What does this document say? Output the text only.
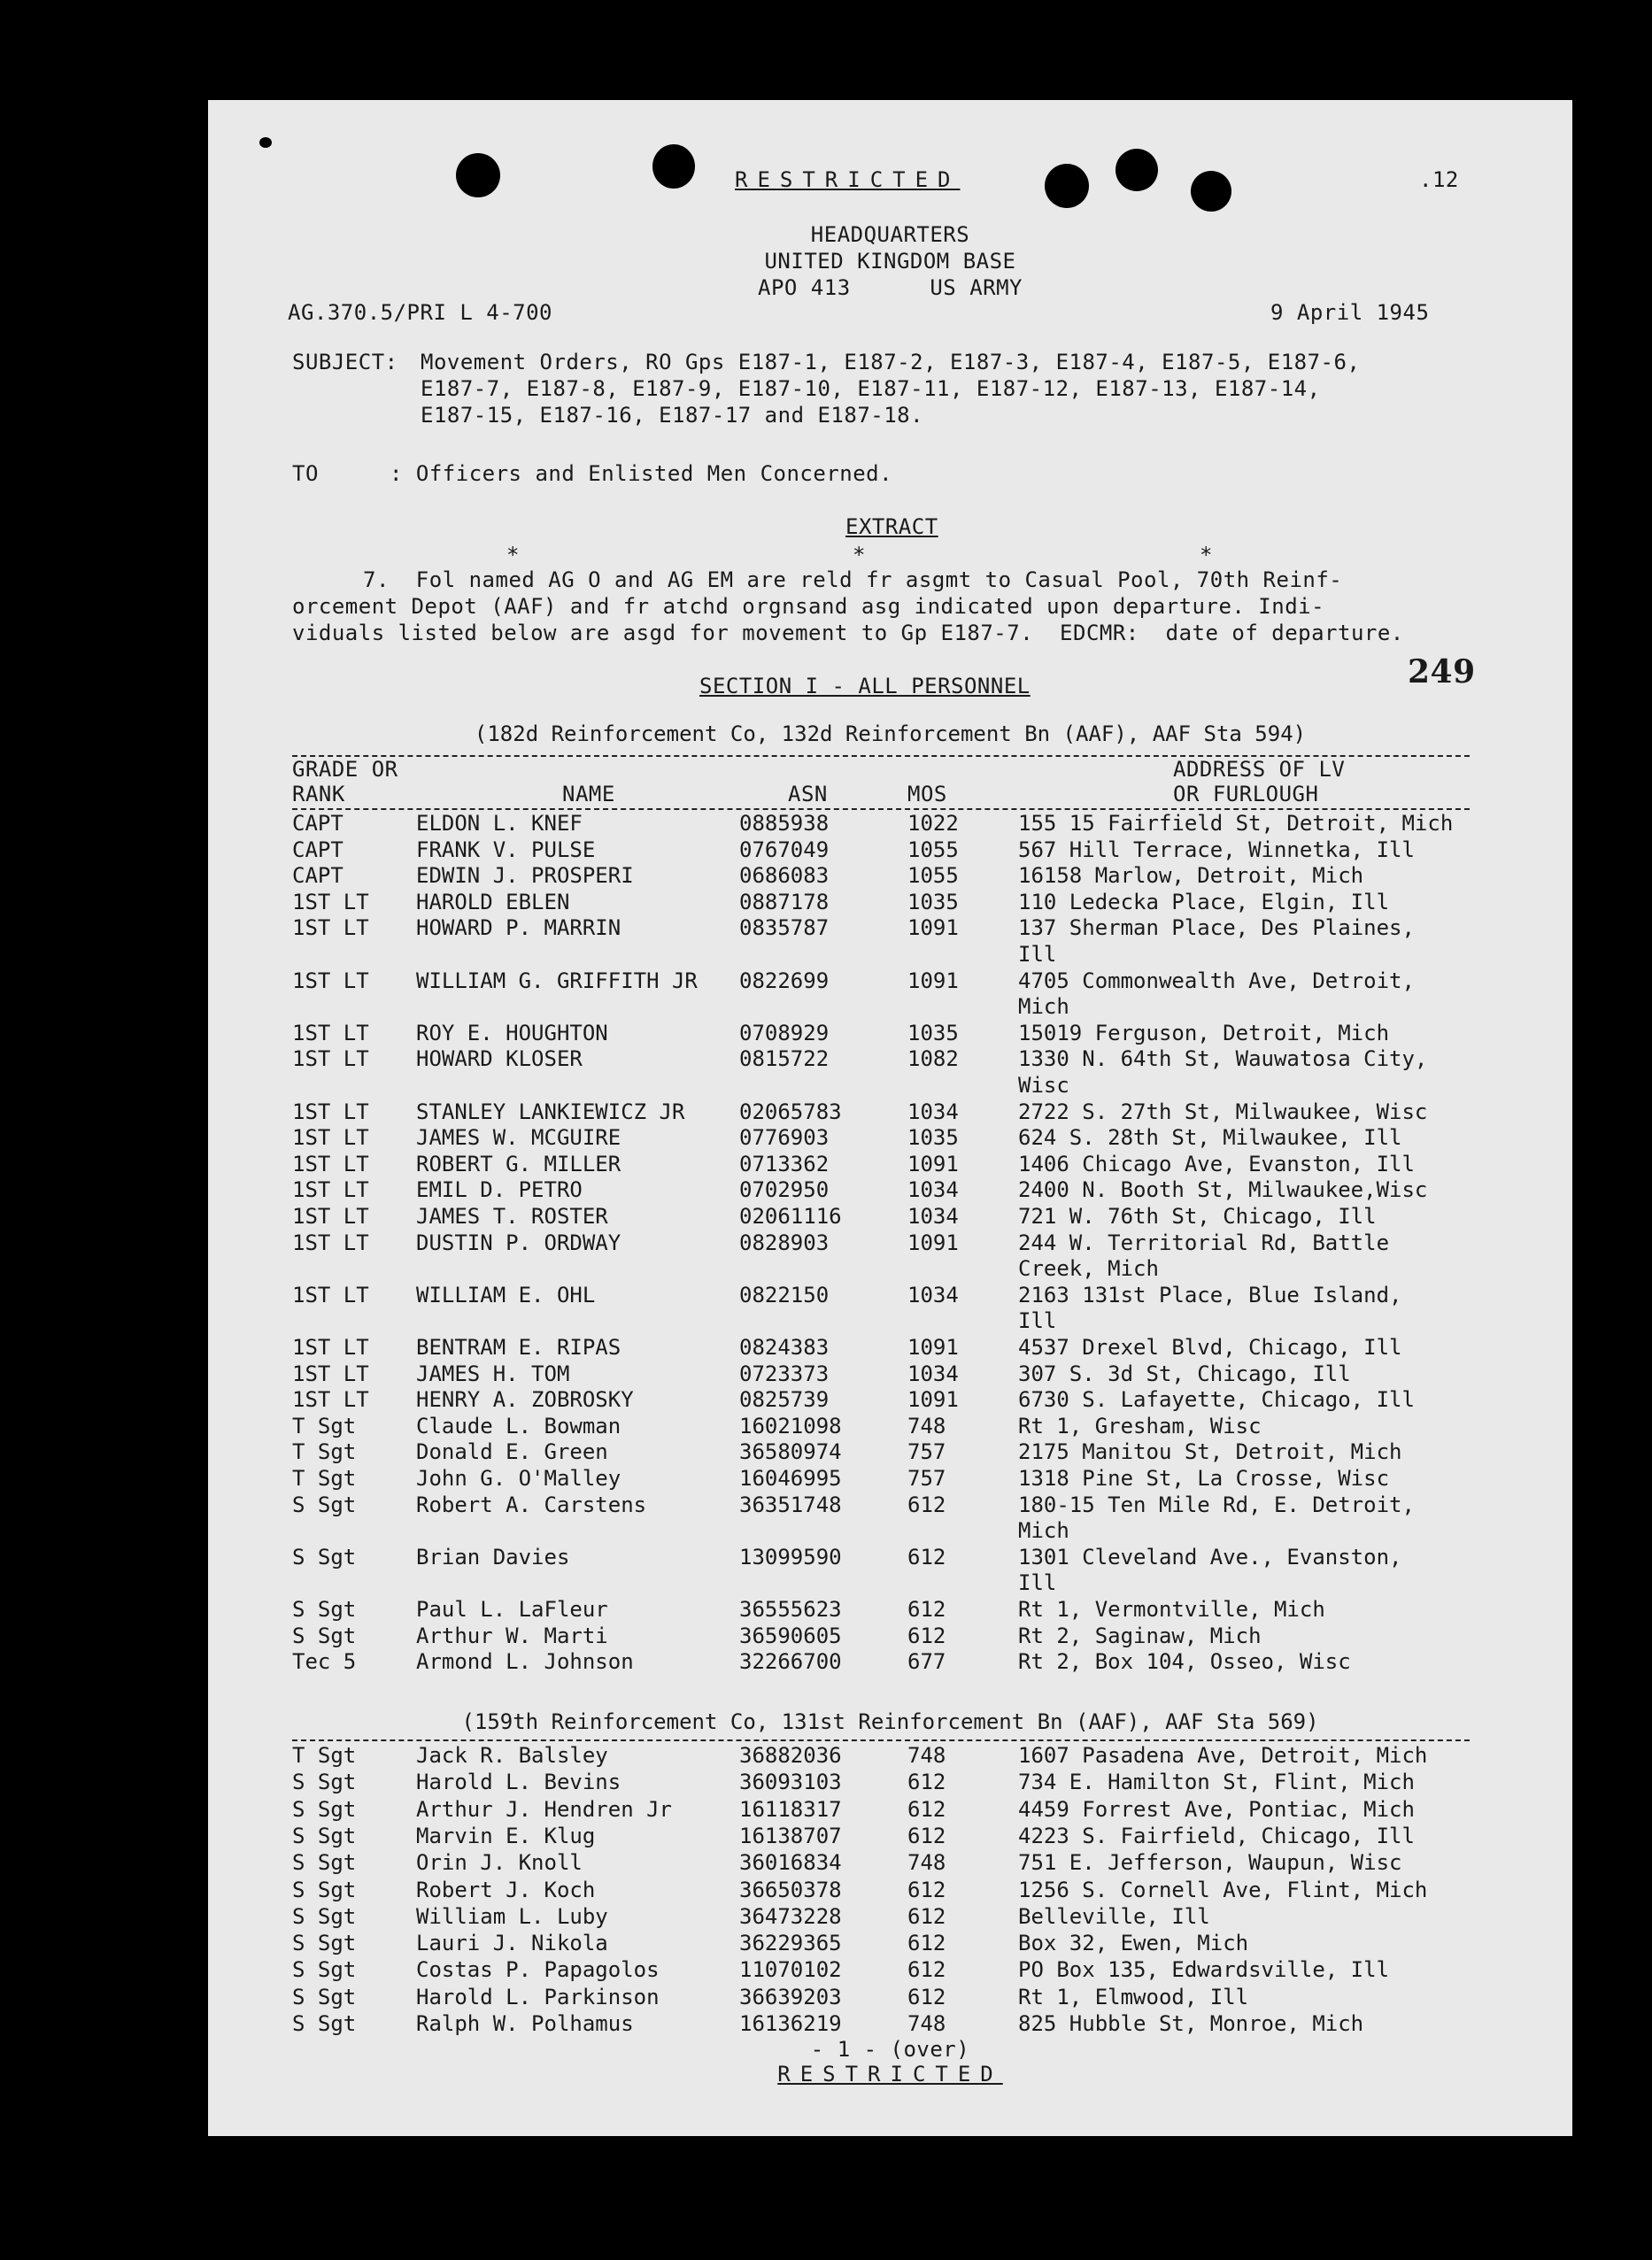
.12
RESTRICTED
HEADQUARTERS
UNITED KINGDOM BASE
APO 413      US ARMY
AG.370.5/PRI L 4-700	9 April 1945
SUBJECT: Movement Orders, RO Gps E187-1, E187-2, E187-3, E187-4, E187-5, E187-6,
E187-7, E187-8, E187-9, E187-10, E187-11, E187-12, E187-13, E187-14,
E187-15, E187-16, E187-17 and E187-18.
TO	: Officers and Enlisted Men Concerned.
EXTRACT
*	*	*
7.  Fol named AG O and AG EM are reld fr asgmt to Casual Pool, 70th Reinf-
orcement Depot (AAF) and fr atchd orgnsand asg indicated upon departure. Indi-
viduals listed below are asgd for movement to Gp E187-7.  EDCMR:  date of departure.
249
SECTION I - ALL PERSONNEL
(182d Reinforcement Co, 132d Reinforcement Bn (AAF), AAF Sta 594)
GRADE OR
RANK	NAME	ASN	MOS
ADDRESS OF LV
OR FURLOUGH
CAPT	ELDON L. KNEF	0885938	1022	155 15 Fairfield St, Detroit, Mich
CAPT	FRANK V. PULSE	0767049	1055	567 Hill Terrace, Winnetka, Ill
CAPT	EDWIN J. PROSPERI	0686083	1055	16158 Marlow, Detroit, Mich
1ST LT HAROLD EBLEN	0887178	1035	110 Ledecka Place, Elgin, Ill
1ST LT HOWARD P. MARRIN	0835787	1091	137 Sherman Place, Des Plaines,
Ill
1ST LT WILLIAM G. GRIFFITH JR 0822699	1091	4705 Commonwealth Ave, Detroit,
Mich
1ST LT ROY E. HOUGHTON	0708929	1035	15019 Ferguson, Detroit, Mich
1ST LT HOWARD KLOSER	0815722	1082	1330 N. 64th St, Wauwatosa City,
Wisc
1ST LT STANLEY LANKIEWICZ JR	02065783	1034	2722 S. 27th St, Milwaukee, Wisc
1ST LT JAMES W. MCGUIRE	0776903	1035	624 S. 28th St, Milwaukee, Ill
1ST LT ROBERT G. MILLER	0713362	1091	1406 Chicago Ave, Evanston, Ill
1ST LT EMIL D. PETRO	0702950	1034	2400 N. Booth St, Milwaukee,Wisc
1ST LT JAMES T. ROSTER	02061116	1034	721 W. 76th St, Chicago, Ill
1ST LT DUSTIN P. ORDWAY	0828903	1091	244 W. Territorial Rd, Battle
Creek, Mich
1ST LT WILLIAM E. OHL	0822150	1034	2163 131st Place, Blue Island,
Ill
1ST LT BENTRAM E. RIPAS	0824383	1091	4537 Drexel Blvd, Chicago, Ill
1ST LT JAMES H. TOM	0723373	1034	307 S. 3d St, Chicago, Ill
1ST LT HENRY A. ZOBROSKY	0825739	1091	6730 S. Lafayette, Chicago, Ill
T Sgt	Claude L. Bowman	16021098	748	Rt 1, Gresham, Wisc
T Sgt	Donald E. Green	36580974	757	2175 Manitou St, Detroit, Mich
T Sgt	John G. O'Malley	16046995	757	1318 Pine St, La Crosse, Wisc
S Sgt	Robert A. Carstens	36351748	612	180-15 Ten Mile Rd, E. Detroit,
Mich
S Sgt	Brian Davies	13099590	612	1301 Cleveland Ave., Evanston,
Ill
S Sgt	Paul L. LaFleur	36555623	612	Rt 1, Vermontville, Mich
S Sgt	Arthur W. Marti	36590605	612	Rt 2, Saginaw, Mich
Tec 5	Armond L. Johnson	32266700	677	Rt 2, Box 104, Osseo, Wisc
(159th Reinforcement Co, 131st Reinforcement Bn (AAF), AAF Sta 569)
T Sgt	Jack R. Balsley	36882036	748	1607 Pasadena Ave, Detroit, Mich
S Sgt	Harold L. Bevins	36093103	612	734 E. Hamilton St, Flint, Mich
S Sgt	Arthur J. Hendren Jr	16118317	612	4459 Forrest Ave, Pontiac, Mich
S Sgt	Marvin E. Klug	16138707	612	4223 S. Fairfield, Chicago, Ill
S Sgt	Orin J. Knoll	36016834	748	751 E. Jefferson, Waupun, Wisc
S Sgt	Robert J. Koch	36650378	612	1256 S. Cornell Ave, Flint, Mich
S Sgt	William L. Luby	36473228	612	Belleville, Ill
S Sgt	Lauri J. Nikola	36229365	612	Box 32, Ewen, Mich
S Sgt	Costas P. Papagolos	11070102	612	PO Box 135, Edwardsville, Ill
S Sgt	Harold L. Parkinson	36639203	612	Rt 1, Elmwood, Ill
S Sgt	Ralph W. Polhamus	16136219	748	825 Hubble St, Monroe, Mich
- 1 - (over)
RESTRICTED
